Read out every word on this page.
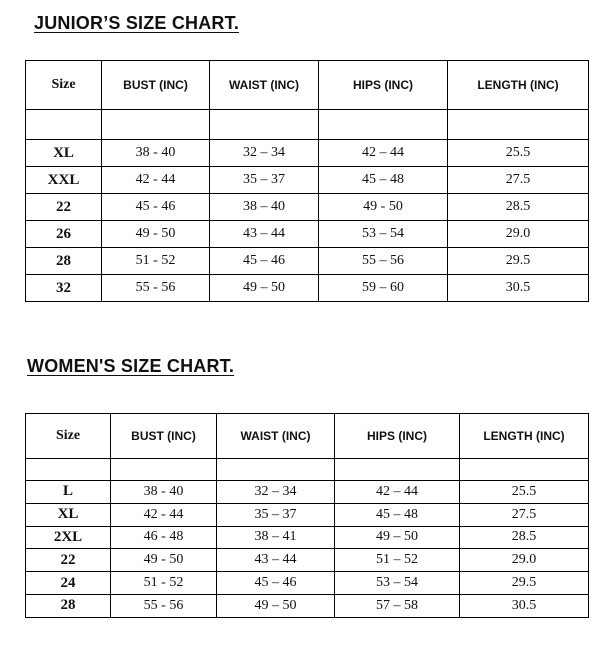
JUNIOR’S SIZE CHART.
Size	BUST (INC)	WAIST (INC)	HIPS (INC)	LENGTH (INC)

XL	38 - 40	32 – 34	42 – 44	25.5
XXL	42 - 44	35 – 37	45 – 48	27.5
22	45 - 46	38 – 40	49 - 50	28.5
26	49 - 50	43 – 44	53 – 54	29.0
28	51 - 52	45 – 46	55 – 56	29.5
32	55 - 56	49 – 50	59 – 60	30.5
WOMEN'S SIZE CHART.
Size	BUST (INC)	WAIST (INC)	HIPS (INC)	LENGTH (INC)

L	38 - 40	32 – 34	42 – 44	25.5
XL	42 - 44	35 – 37	45 – 48	27.5
2XL	46 - 48	38 – 41	49 – 50	28.5
22	49 - 50	43 – 44	51 – 52	29.0
24	51 - 52	45 – 46	53 – 54	29.5
28	55 - 56	49 – 50	57 – 58	30.5
